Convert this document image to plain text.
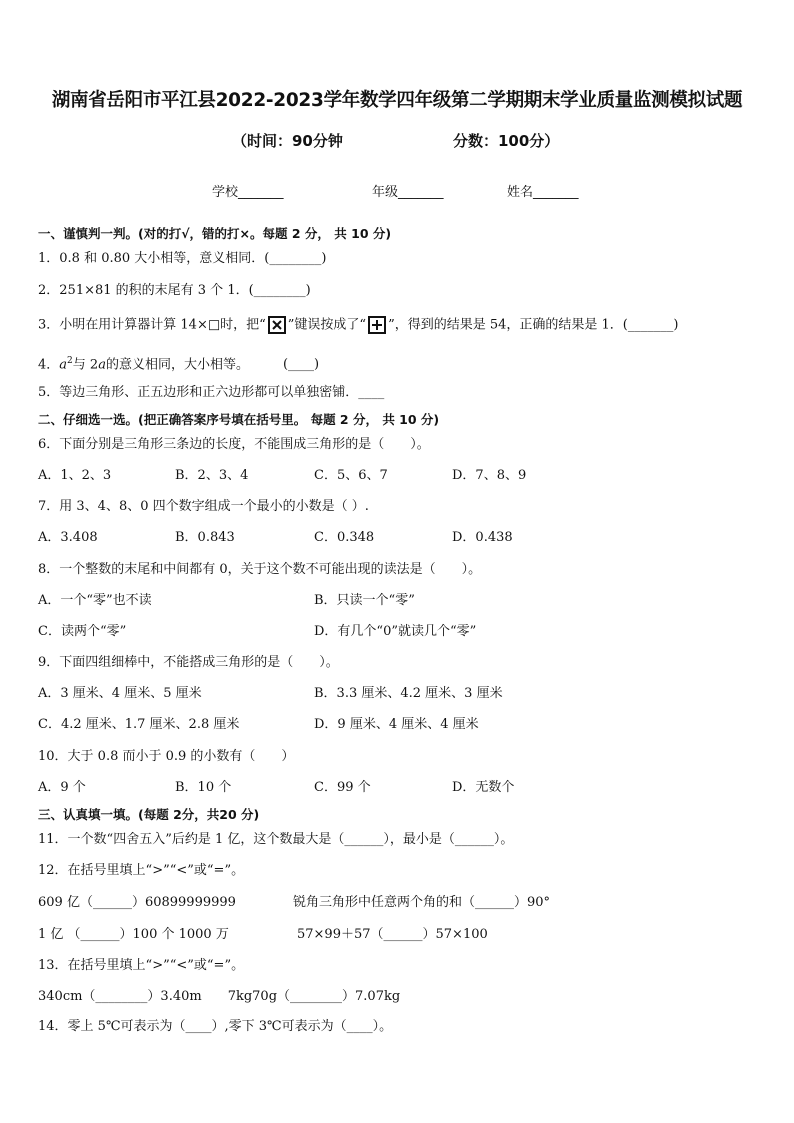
湖南省岳阳市平江县2022-2023学年数学四年级第二学期期末学业质量监测模拟试题
（时间：90分钟	分数：100分）
学校_______	年级_______	姓名_______
一、谨慎判一判。(对的打√，错的打×。每题 2 分， 共 10 分)
1．0.8 和 0.80 大小相等，意义相同．(________)
2．251×81 的积的末尾有 3 个 1．(________)
3．小明在用计算器计算 14×□时，把“ ”键误按成了“ ”，得到的结果是 54，正确的结果是 1．(_______)
4．$a^2$与 2a的意义相同，大小相等。	(____)
5．等边三角形、正五边形和正六边形都可以单独密铺．____
二、仔细选一选。(把正确答案序号填在括号里。 每题 2 分， 共 10 分)
6．下面分别是三角形三条边的长度，不能围成三角形的是（　　）。
A．1、2、3	B．2、3、4	C．5、6、7	D．7、8、9
7．用 3、4、8、0 四个数字组成一个最小的小数是（ ）.
A．3.408	B．0.843	C．0.348	D．0.438
8．一个整数的末尾和中间都有 0，关于这个数不可能出现的读法是（　　）。
A．一个“零”也不读	B．只读一个“零”
C．读两个“零”	D．有几个“0”就读几个“零”
9．下面四组细棒中，不能搭成三角形的是（　　）。
A．3 厘米、4 厘米、5 厘米	B．3.3 厘米、4.2 厘米、3 厘米
C．4.2 厘米、1.7 厘米、2.8 厘米	D．9 厘米、4 厘米、4 厘米
10．大于 0.8 而小于 0.9 的小数有（　　）
A．9 个	B．10 个	C．99 个	D．无数个
三、认真填一填。(每题 2分，共20 分)
11．一个数“四舍五入”后约是 1 亿，这个数最大是（______），最小是（______）。
12．在括号里填上“>”“<”或“=”。
609 亿（______）60899999999	锐角三角形中任意两个角的和（______）90°
1 亿 （______）100 个 1000 万	57×99＋57（______）57×100
13．在括号里填上“>”“<”或“=”。
340cm（________）3.40m　　7kg70g（________）7.07kg
14．零上 5℃可表示为（____）,零下 3℃可表示为（____）。
